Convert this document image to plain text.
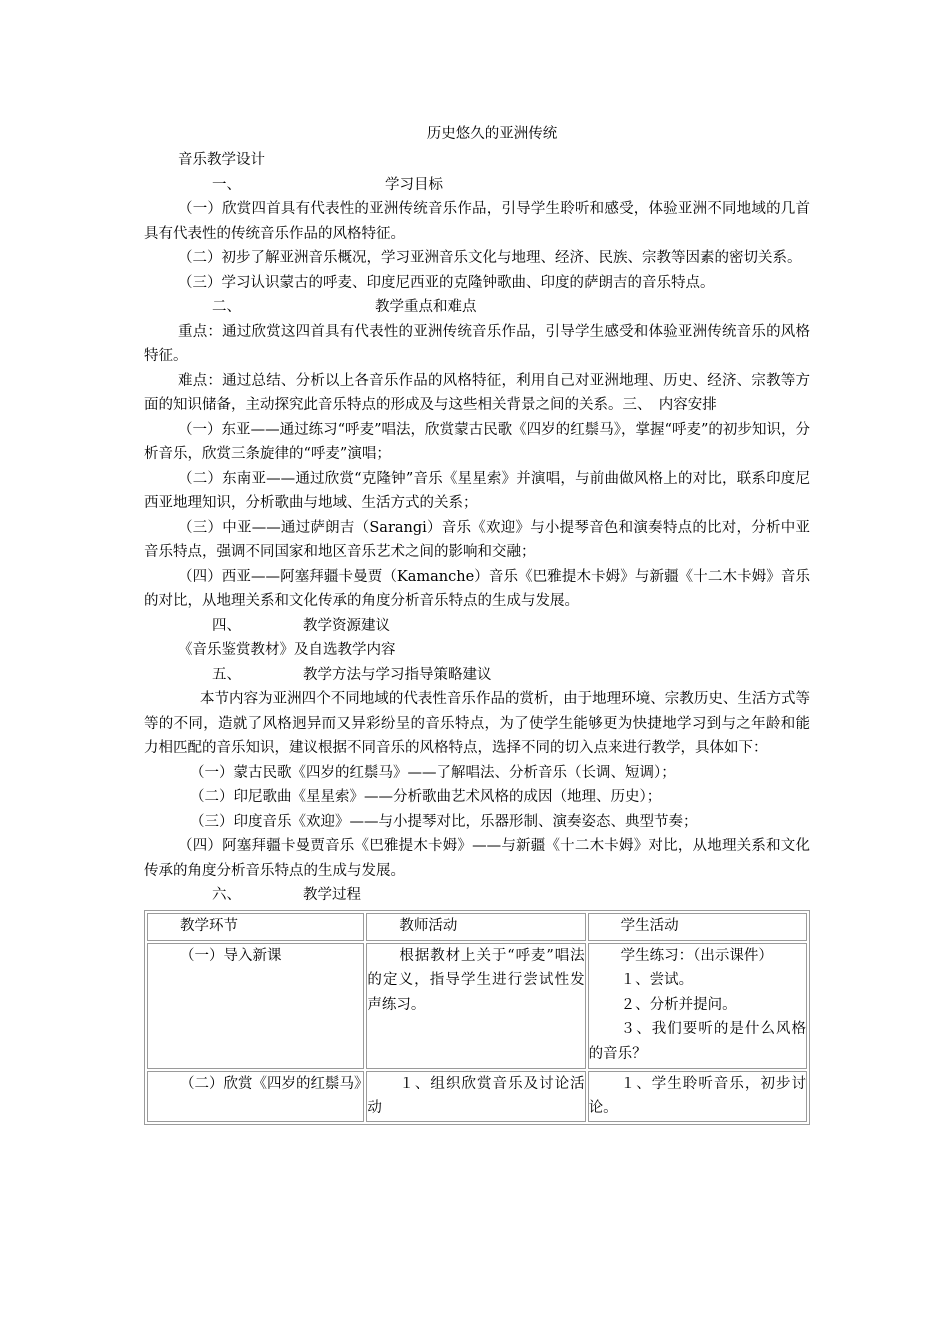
历史悠久的亚洲传统

音乐教学设计

一、	学习目标

（一）欣赏四首具有代表性的亚洲传统音乐作品，引导学生聆听和感受，体验亚洲不同地域的几首具有代表性的传统音乐作品的风格特征。

（二）初步了解亚洲音乐概况，学习亚洲音乐文化与地理、经济、民族、宗教等因素的密切关系。

（三）学习认识蒙古的呼麦、印度尼西亚的克隆钟歌曲、印度的萨朗吉的音乐特点。

二、	教学重点和难点

重点：通过欣赏这四首具有代表性的亚洲传统音乐作品，引导学生感受和体验亚洲传统音乐的风格特征。

难点：通过总结、分析以上各音乐作品的风格特征，利用自己对亚洲地理、历史、经济、宗教等方面的知识储备，主动探究此音乐特点的形成及与这些相关背景之间的关系。三、　内容安排

（一）东亚——通过练习“呼麦”唱法，欣赏蒙古民歌《四岁的红鬃马》，掌握“呼麦”的初步知识，分析音乐，欣赏三条旋律的“呼麦”演唱；

（二）东南亚——通过欣赏“克隆钟”音乐《星星索》并演唱，与前曲做风格上的对比，联系印度尼西亚地理知识，分析歌曲与地域、生活方式的关系；

（三）中亚——通过萨朗吉（Sarangi）音乐《欢迎》与小提琴音色和演奏特点的比对，分析中亚音乐特点，强调不同国家和地区音乐艺术之间的影响和交融；

（四）西亚——阿塞拜疆卡曼贾（Kamanche）音乐《巴雅提木卡姆》与新疆《十二木卡姆》音乐的对比，从地理关系和文化传承的角度分析音乐特点的生成与发展。

四、	教学资源建议

《音乐鉴赏教材》及自选教学内容

五、	教学方法与学习指导策略建议

本节内容为亚洲四个不同地域的代表性音乐作品的赏析，由于地理环境、宗教历史、生活方式等等的不同，造就了风格迥异而又异彩纷呈的音乐特点，为了使学生能够更为快捷地学习到与之年龄和能力相匹配的音乐知识，建议根据不同音乐的风格特点，选择不同的切入点来进行教学，具体如下：

（一）蒙古民歌《四岁的红鬃马》——了解唱法、分析音乐（长调、短调）；

（二）印尼歌曲《星星索》——分析歌曲艺术风格的成因（地理、历史）；

（三）印度音乐《欢迎》——与小提琴对比，乐器形制、演奏姿态、典型节奏；

（四）阿塞拜疆卡曼贾音乐《巴雅提木卡姆》——与新疆《十二木卡姆》对比，从地理关系和文化传承的角度分析音乐特点的生成与发展。

六、	教学过程

教学环节	教师活动	学生活动

（一）导入新课	根据教材上关于“呼麦”唱法的定义，指导学生进行尝试性发声练习。	学生练习：（出示课件）

１、尝试。

２、分析并提问。

３、我们要听的是什么风格的音乐？

（二）欣赏《四岁的红鬃马》	１、组织欣赏音乐及讨论活动	１、学生聆听音乐，初步讨论。
